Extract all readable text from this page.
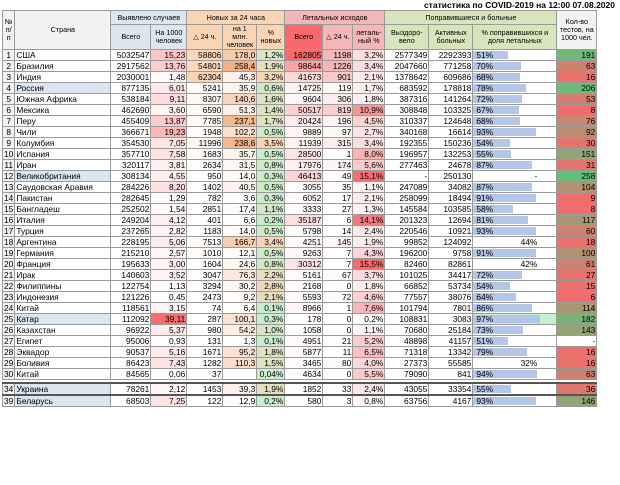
статистика по COVID-2019 на 12:00 07.08.2020
№ п/п	Страна	Выявлено случаев		Новых за 24 часа			Летальных исходов			Поправившиеся и больные			Кол-во тестов, на 1000 чел.
		Всего	На 1000 человек	△ 24 ч.	на 1 млн. человек	% новых	Всего	△ 24 ч.	леталь- ный %	Выздоро- вело	Активных больных	% поправившихся и доля летальных	
1	США	5032547	15,23	58806	178,0	1,2%	162805	1198	3,2%	2577349	2292393	51%	191
2	Бразилия	2917562	13,76	54801	258,4	1,9%	98644	1226	3,4%	2047660	771258	70%	63
3	Индия	2030001	1,48	62304	45,3	3,2%	41673	901	2,1%	1378642	609686	68%	16
4	Россия	877135	6,01	5241	35,9	0,6%	14725	119	1,7%	683592	178818	78%	206
5	Южная Африка	538184	9,11	8307	140,6	1,6%	9604	306	1,8%	387316	141264	72%	53
6	Мексика	462690	3,60	6590	51,3	1,4%	50517	819	10,9%	308848	103325	67%	8
7	Перу	455409	13,87	7785	237,1	1,7%	20424	196	4,5%	310337	124648	68%	76
8	Чили	366671	19,23	1948	102,2	0,5%	9889	97	2,7%	340168	16614	93%	92
9	Колумбия	354530	7,05	11996	238,6	3,5%	11939	315	3,4%	192355	150236	54%	30
10	Испания	357710	7,58	1683	35,7	0,5%	28500	1	8,0%	196957	132253	55%	151
11	Иран	320117	3,81	2634	31,5	0,8%	17976	174	5,6%	277463	24678	87%	31
12	Великобритания	308134	4,55	950	14,0	0,3%	46413	49	15,1%	-	250130	-	258
13	Саудовская Аравия	284226	8,20	1402	40,5	0,5%	3055	35	1,1%	247089	34082	87%	104
14	Пакистан	282645	1,29	782	3,6	0,3%	6052	17	2,1%	258099	18494	91%	9
15	Бангладеш	252502	1,54	2851	17,4	1,1%	3333	27	1,3%	145584	103585	58%	8
16	Италия	249204	4,12	401	6,6	0,2%	35187	6	14,1%	201323	12694	81%	117
17	Турция	237265	2,82	1183	14,0	0,5%	5798	14	2,4%	220546	10921	93%	60
18	Аргентина	228195	5,06	7513	166,7	3,4%	4251	145	1,9%	99852	124092	44%	18
19	Германия	215210	2,57	1010	12,1	0,5%	9263	7	4,3%	196200	9758	91%	100
20	Франция	195633	3,00	1604	24,6	0,8%	30312	7	15,5%	82460	82861	42%	61
21	Ирак	140603	3,52	3047	76,3	2,2%	5161	67	3,7%	101025	34417	72%	27
22	Филиппины	122754	1,13	3294	30,2	2,8%	2168	0	1,8%	66852	53734	54%	15
23	Индонезия	121226	0,45	2473	9,2	2,1%	5593	72	4,6%	77557	38076	64%	6
24	Китай	118561	3,15	74	6,4	0,1%	8966	1	7,6%	101794	7801	86%	114
25	Катар	112092	39,11	287	100,1	0,3%	178	0	0,2%	108831	3083	97%	182
26	Казахстан	96922	5,37	980	54,2	1,0%	1058	0	1,1%	70680	25184	73%	143
27	Египет	95006	0,93	131	1,3	0,1%	4951	21	5,2%	48898	41157	51%	-
28	Эквадор	90537	5,16	1671	95,2	1,8%	5877	11	6,5%	71318	13342	79%	16
29	Боливия	86423	7,43	1282	110,3	1,5%	3465	80	4,0%	27373	55585	32%	16
30	Китай	84565	0,06	37		0,04%	4634	0	5,5%	79090	841	94%	63

34	Украина	78261	2,12	1453	39,3	1,9%	1852	33	2,4%	43055	33354	55%	36
39	Беларусь	68503	7,25	122	12,9	0,2%	580	3	0,8%	63756	4167	93%	146
